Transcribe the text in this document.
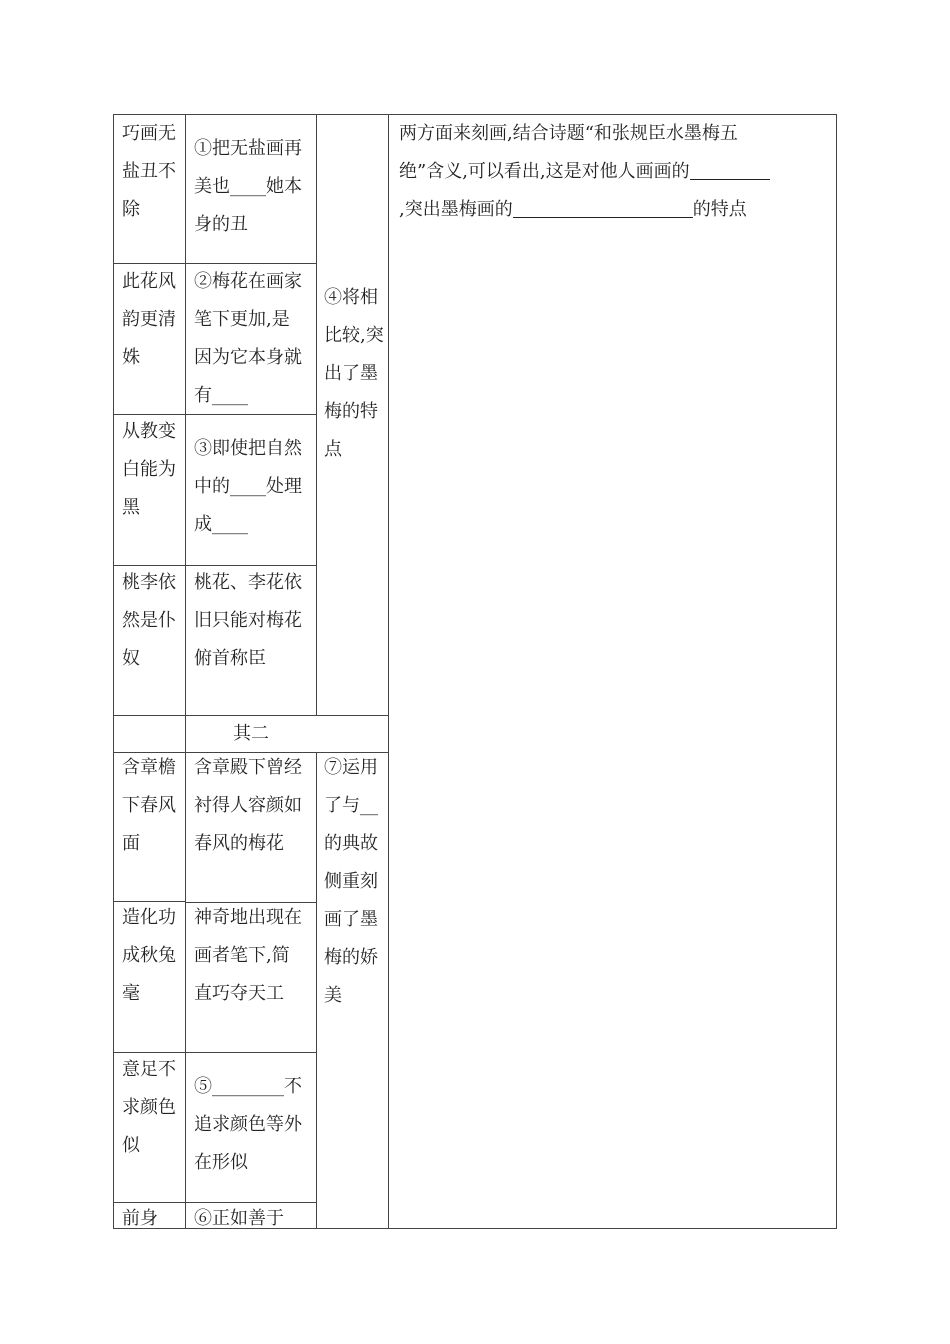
巧画无盐丑不除
①把无盐画再美也____她本身的丑
此花风韵更清姝
②梅花在画家笔下更加,是因为它本身就有____
从教变白能为黑
③即使把自然中的____处理成____
桃李依然是仆奴
桃花、李花依旧只能对梅花俯首称臣
④将相比较,突出了墨梅的特点
其二
含章檐下春风面
含章殿下曾经衬得人容颜如春风的梅花
造化功成秋兔毫
神奇地出现在画者笔下,简直巧夺天工
意足不求颜色似
⑤________不追求颜色等外在形似
前身	⑥正如善于
⑦运用了与__的典故侧重刻画了墨梅的娇美
两方面来刻画,结合诗题“和张规臣水墨梅五
绝”含义,可以看出,这是对他人画画的
,突出墨梅画的	的特点
